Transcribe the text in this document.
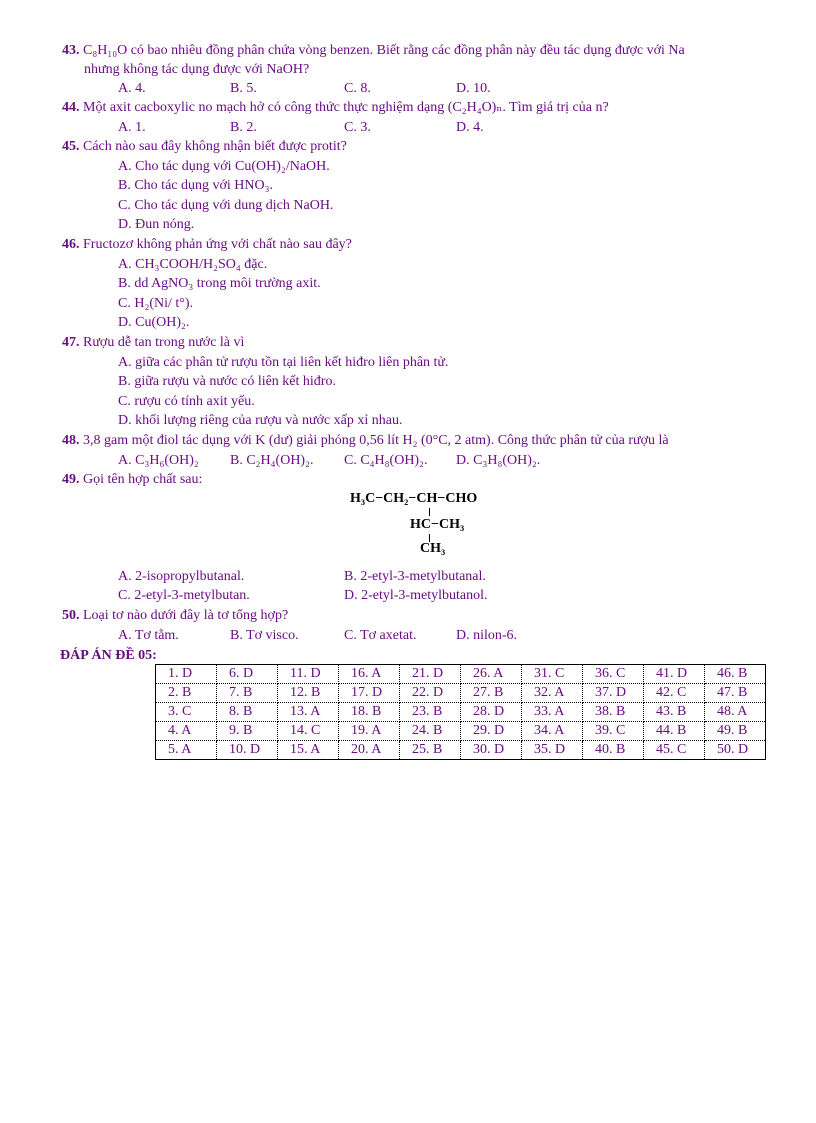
43. C₈H₁₀O có bao nhiêu đồng phân chứa vòng benzen. Biết rằng các đồng phân này đều tác dụng được với Na
nhưng không tác dụng được với NaOH?
A. 4.	B. 5.	C. 8.	D. 10.
44. Một axit cacboxylic no mạch hở có công thức thực nghiệm dạng (C₂H₄O)ₙ. Tìm giá trị của n?
A. 1.	B. 2.	C. 3.	D. 4.
45. Cách nào sau đây không nhận biết được protit?
A. Cho tác dụng với Cu(OH)₂/NaOH.
B. Cho tác dụng với HNO₃.
C. Cho tác dụng với dung dịch NaOH.
D. Đun nóng.
46. Fructozơ không phản ứng với chất nào sau đây?
A. CH₃COOH/H₂SO₄ đặc.
B. dd AgNO₃ trong môi trường axit.
C. H₂(Ni/ t°).
D. Cu(OH)₂.
47. Rượu dễ tan trong nước là vì
A. giữa các phân tử rượu tồn tại liên kết hiđro liên phân tử.
B. giữa rượu và nước có liên kết hiđro.
C. rượu có tính axit yếu.
D. khối lượng riêng của rượu và nước xấp xỉ nhau.
48. 3,8 gam một điol tác dụng với K (dư) giải phóng 0,56 lít H₂ (0°C, 2 atm). Công thức phân tử của rượu là
A. C₃H₆(OH)₂ B. C₂H₄(OH)₂. C. C₄H₈(OH)₂. D. C₃H₈(OH)₂.
49. Gọi tên hợp chất sau:
H₃C−CH₂−CH−CHO
HC−CH₃
CH₃
A. 2-isopropylbutanal.	B. 2-etyl-3-metylbutanal.
C. 2-etyl-3-metylbutan.	D. 2-etyl-3-metylbutanol.
50. Loại tơ nào dưới đây là tơ tổng hợp?
A. Tơ tằm.	B. Tơ visco.	C. Tơ axetat.	D. nilon-6.
ĐÁP ÁN ĐỀ 05:
1. D	6. D	11. D	16. A	21. D	26. A	31. C	36. C	41. D	46. B
2. B	7. B	12. B	17. D	22. D	27. B	32. A	37. D	42. C	47. B
3. C	8. B	13. A	18. B	23. B	28. D	33. A	38. B	43. B	48. A
4. A	9. B	14. C	19. A	24. B	29. D	34. A	39. C	44. B	49. B
5. A	10. D	15. A	20. A	25. B	30. D	35. D	40. B	45. C	50. D
